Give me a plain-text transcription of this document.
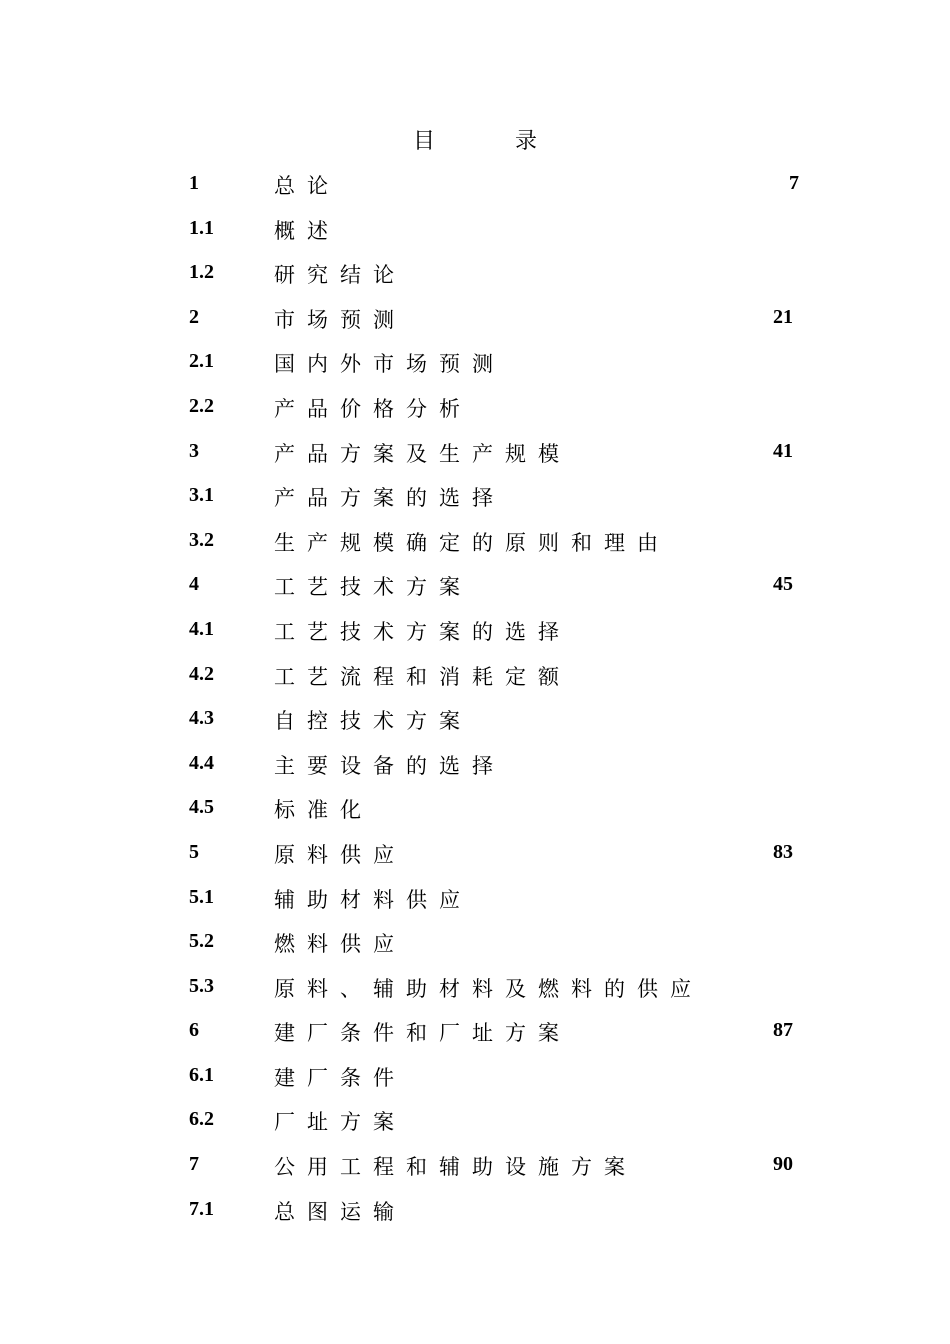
目	录
1	总论	7
1.1	概述
1.2	研究结论
2	市场预测	21
2.1	国内外市场预测
2.2	产品价格分析
3	产品方案及生产规模	41
3.1	产品方案的选择
3.2	生产规模确定的原则和理由
4	工艺技术方案	45
4.1	工艺技术方案的选择
4.2	工艺流程和消耗定额
4.3	自控技术方案
4.4	主要设备的选择
4.5	标准化
5	原料供应	83
5.1	辅助材料供应
5.2	燃料供应
5.3	原料、辅助材料及燃料的供应
6	建厂条件和厂址方案	87
6.1	建厂条件
6.2	厂址方案
7	公用工程和辅助设施方案	90
7.1	总图运输
